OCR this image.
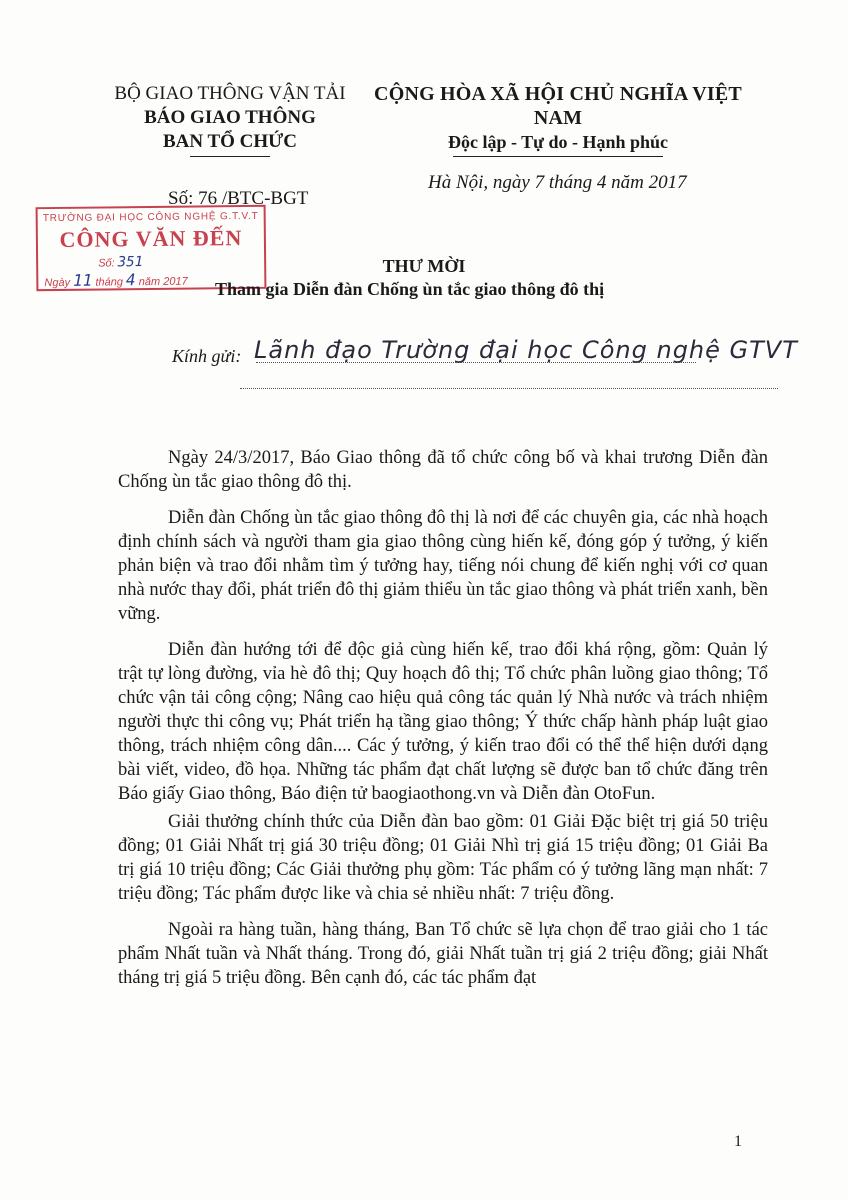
BỘ GIAO THÔNG VẬN TẢI
BÁO GIAO THÔNG
BAN TỔ CHỨC
CỘNG HÒA XÃ HỘI CHỦ NGHĨA VIỆT NAM
Độc lập - Tự do - Hạnh phúc
Số: 76 /BTC-BGT
Hà Nội, ngày 7 tháng 4 năm 2017
TRƯỜNG ĐẠI HỌC CÔNG NGHỆ G.T.V.T
CÔNG VĂN ĐẾN
Số: 351
Ngày 11 tháng 4 năm 2017
THƯ MỜI
Tham gia Diễn đàn Chống ùn tắc giao thông đô thị
Kính gửi: Lãnh đạo Trường đại học Công nghệ GTVT

Ngày 24/3/2017, Báo Giao thông đã tổ chức công bố và khai trương Diễn đàn Chống ùn tắc giao thông đô thị.

Diễn đàn Chống ùn tắc giao thông đô thị là nơi để các chuyên gia, các nhà hoạch định chính sách và người tham gia giao thông cùng hiến kế, đóng góp ý tưởng, ý kiến phản biện và trao đổi nhằm tìm ý tưởng hay, tiếng nói chung để kiến nghị với cơ quan nhà nước thay đổi, phát triển đô thị giảm thiểu ùn tắc giao thông và phát triển xanh, bền vững.

Diễn đàn hướng tới để độc giả cùng hiến kế, trao đổi khá rộng, gồm: Quản lý trật tự lòng đường, vỉa hè đô thị; Quy hoạch đô thị; Tổ chức phân luồng giao thông; Tổ chức vận tải công cộng; Nâng cao hiệu quả công tác quản lý Nhà nước và trách nhiệm người thực thi công vụ; Phát triển hạ tầng giao thông; Ý thức chấp hành pháp luật giao thông, trách nhiệm công dân.... Các ý tưởng, ý kiến trao đổi có thể thể hiện dưới dạng bài viết, video, đồ họa. Những tác phẩm đạt chất lượng sẽ được ban tổ chức đăng trên Báo giấy Giao thông, Báo điện tử baogiaothong.vn và Diễn đàn OtoFun.

Giải thưởng chính thức của Diễn đàn bao gồm: 01 Giải Đặc biệt trị giá 50 triệu đồng; 01 Giải Nhất trị giá 30 triệu đồng; 01 Giải Nhì trị giá 15 triệu đồng; 01 Giải Ba trị giá 10 triệu đồng; Các Giải thưởng phụ gồm: Tác phẩm có ý tưởng lãng mạn nhất: 7 triệu đồng; Tác phẩm được like và chia sẻ nhiều nhất: 7 triệu đồng.

Ngoài ra hàng tuần, hàng tháng, Ban Tổ chức sẽ lựa chọn để trao giải cho 1 tác phẩm Nhất tuần và Nhất tháng. Trong đó, giải Nhất tuần trị giá 2 triệu đồng; giải Nhất tháng trị giá 5 triệu đồng. Bên cạnh đó, các tác phẩm đạt

1
